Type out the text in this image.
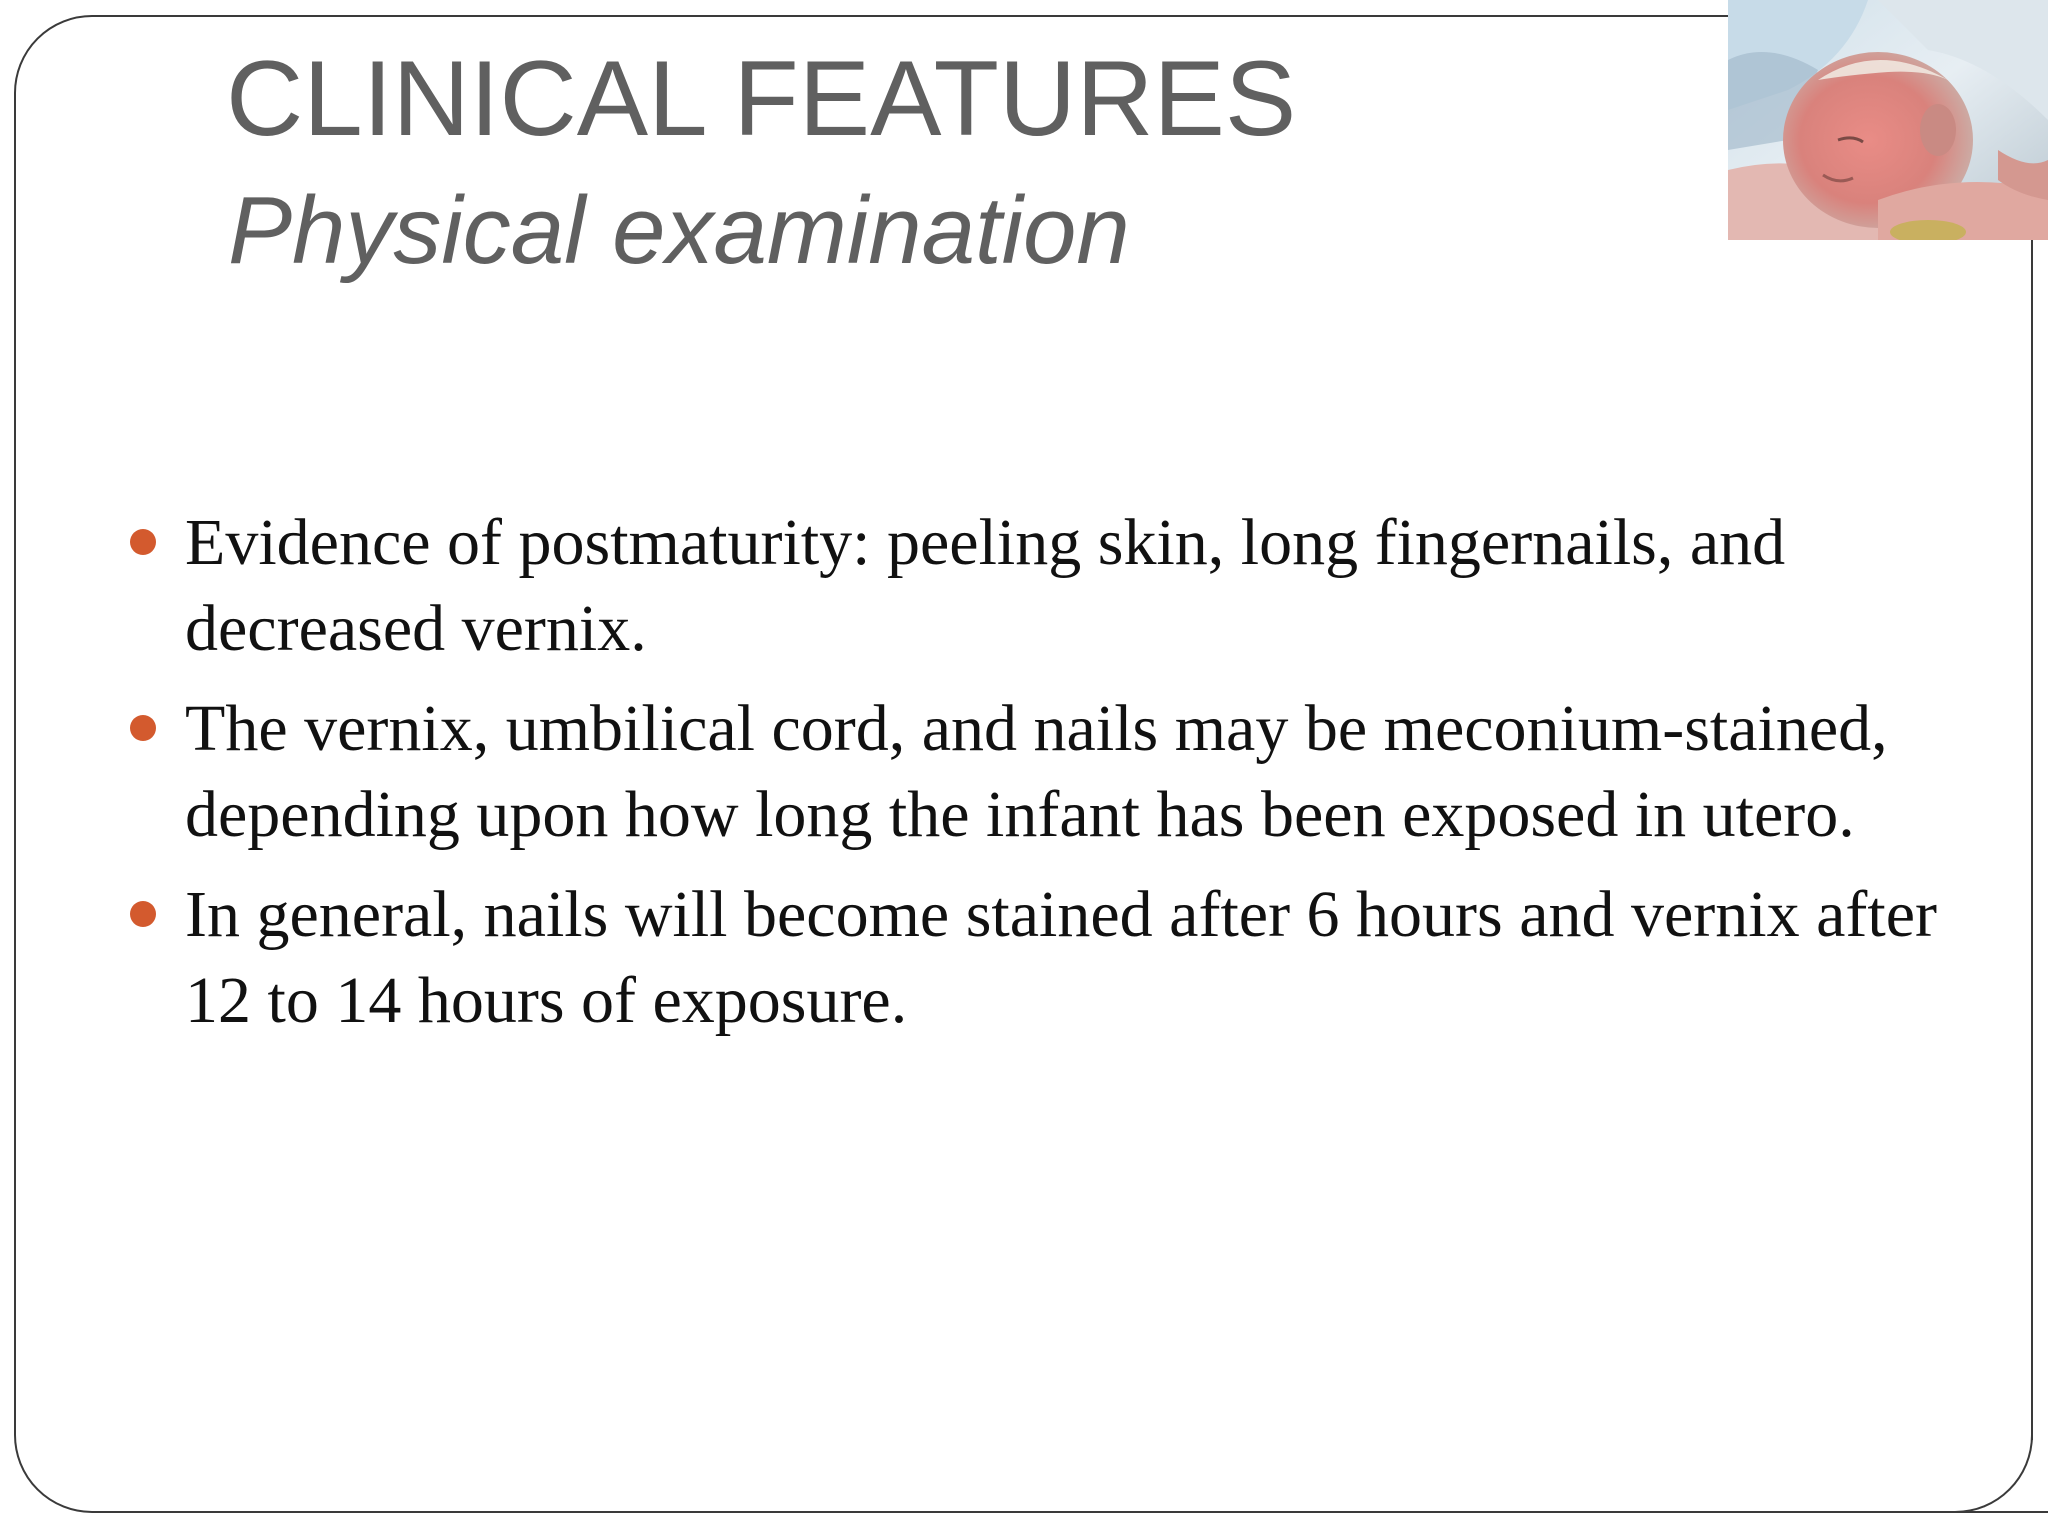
CLINICAL FEATURES
Physical examination
Evidence of postmaturity: peeling skin, long fingernails, and decreased vernix.
The vernix, umbilical cord, and nails may be meconium-stained, depending upon how long the infant has been exposed in utero.
In general, nails will become stained after 6 hours and vernix after 12 to 14 hours of exposure.
